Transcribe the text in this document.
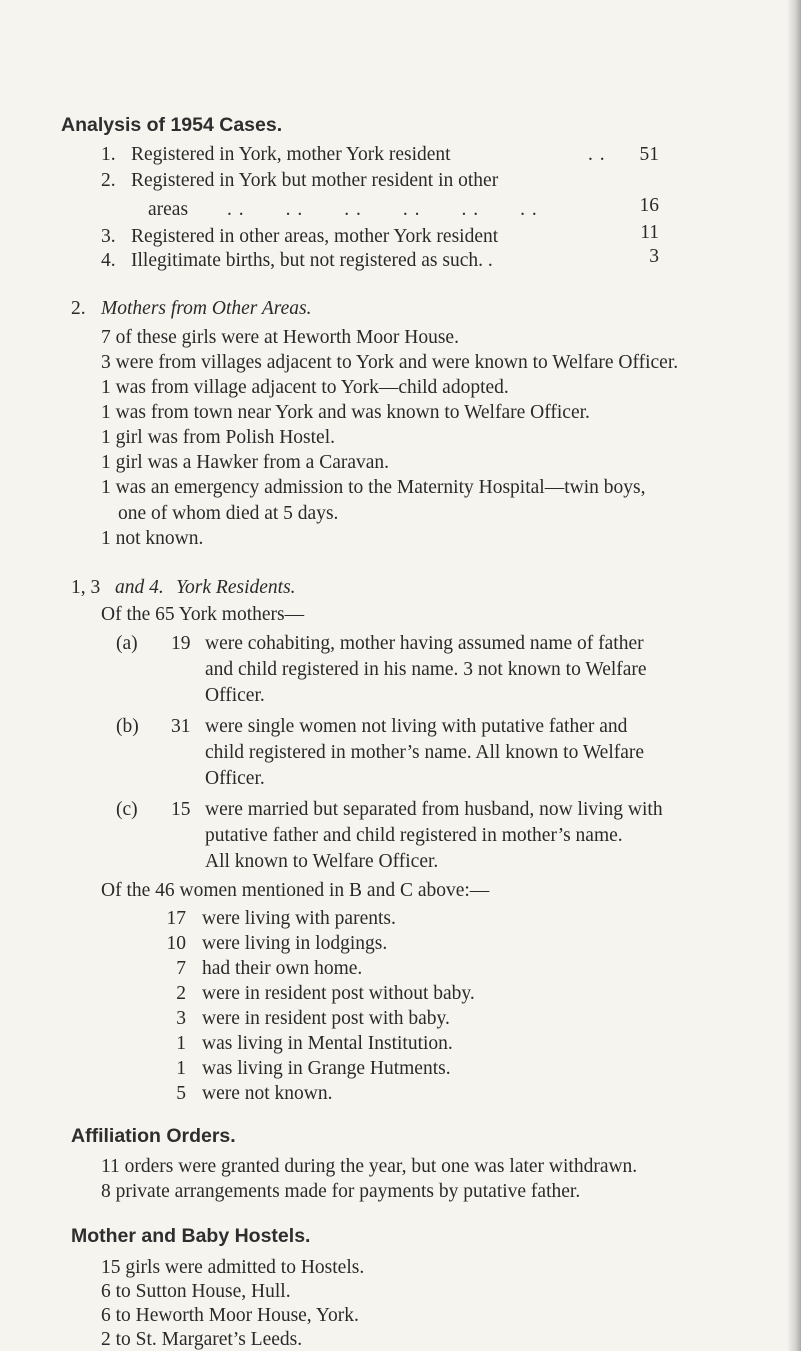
Analysis of 1954 Cases.
1. Registered in York, mother York resident	. . 51
2. Registered in York but mother resident in other
areas . .  . .  . .  . .  . .  . .	16
3. Registered in other areas, mother York resident	11
4. Illegitimate births, but not registered as such. .	3
2. Mothers from Other Areas.
7 of these girls were at Heworth Moor House.
3 were from villages adjacent to York and were known to Welfare Officer.
1 was from village adjacent to York—child adopted.
1 was from town near York and was known to Welfare Officer.
1 girl was from Polish Hostel.
1 girl was a Hawker from a Caravan.
1 was an emergency admission to the Maternity Hospital—twin boys,
one of whom died at 5 days.
1 not known.
1, 3 and 4. York Residents.
Of the 65 York mothers—
(a) 19 were cohabiting, mother having assumed name of father
and child registered in his name. 3 not known to Welfare
Officer.
(b) 31 were single women not living with putative father and
child registered in mother’s name. All known to Welfare
Officer.
(c) 15 were married but separated from husband, now living with
putative father and child registered in mother’s name.
All known to Welfare Officer.
Of the 46 women mentioned in B and C above:—
17 were living with parents.
10 were living in lodgings.
7 had their own home.
2 were in resident post without baby.
3 were in resident post with baby.
1 was living in Mental Institution.
1 was living in Grange Hutments.
5 were not known.
Affiliation Orders.
11 orders were granted during the year, but one was later withdrawn.
8 private arrangements made for payments by putative father.
Mother and Baby Hostels.
15 girls were admitted to Hostels.
6 to Sutton House, Hull.
6 to Heworth Moor House, York.
2 to St. Margaret’s Leeds.
